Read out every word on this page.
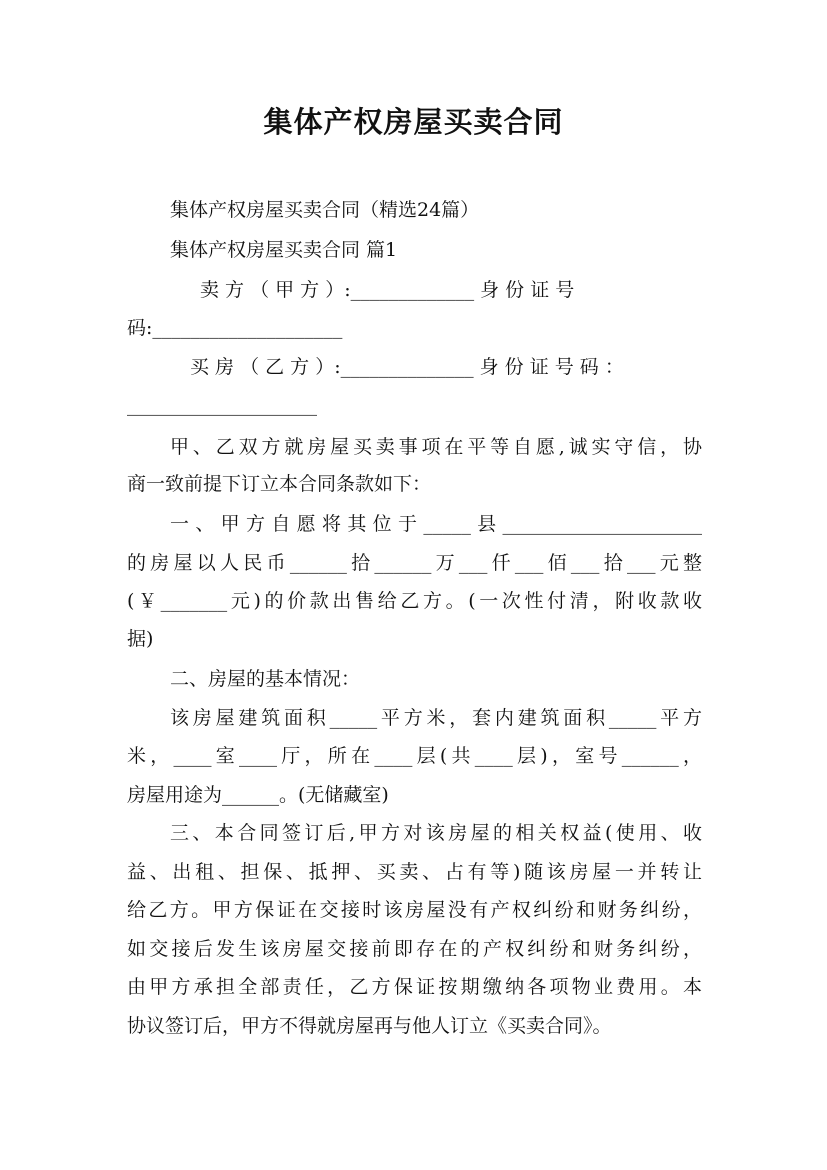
集体产权房屋买卖合同
集体产权房屋买卖合同（精选24篇）
集体产权房屋买卖合同 篇1
卖 方 （ 甲 方 ）:_____________ 身 份 证 号
码:____________________
买 房 （ 乙 方 ）:______________ 身 份 证 号 码 ：
____________________
甲、乙双方就房屋买卖事项在平等自愿,诚实守信，协
商一致前提下订立本合同条款如下：
一、甲方自愿将其位于_____县_____________________
的房屋以人民币______拾______万___仟___佰___拾___元整
(￥_______元)的价款出售给乙方。(一次性付清，附收款收
据)
二、房屋的基本情况：
该房屋建筑面积_____平方米，套内建筑面积_____平方
米，____室____厅，所在____层(共____层)，室号______，
房屋用途为______。(无储藏室)
三、本合同签订后,甲方对该房屋的相关权益(使用、收
益、出租、担保、抵押、买卖、占有等)随该房屋一并转让
给乙方。甲方保证在交接时该房屋没有产权纠纷和财务纠纷，
如交接后发生该房屋交接前即存在的产权纠纷和财务纠纷，
由甲方承担全部责任，乙方保证按期缴纳各项物业费用。本
协议签订后，甲方不得就房屋再与他人订立《买卖合同》。
